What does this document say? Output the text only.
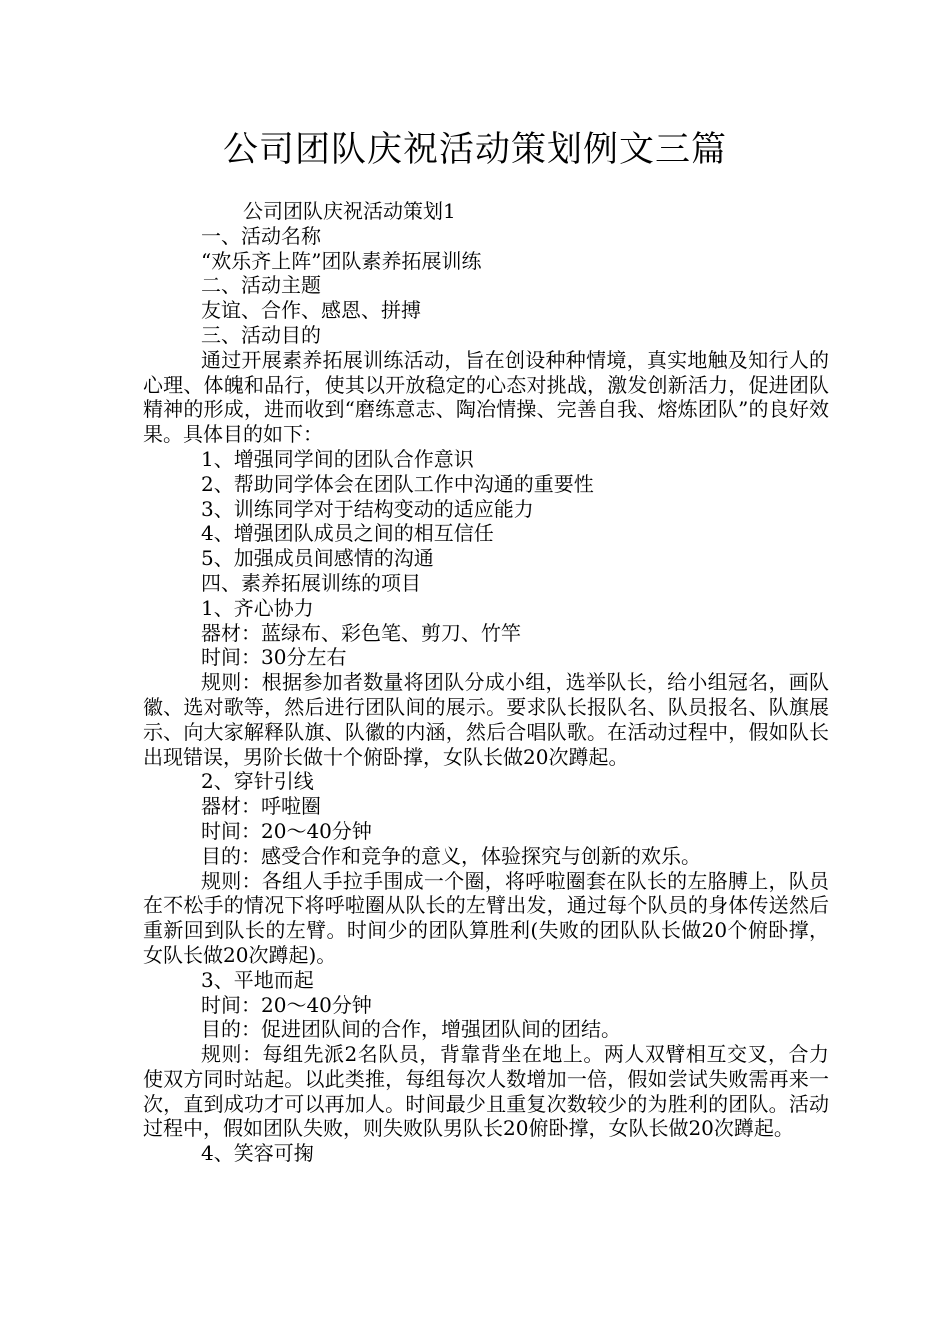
公司团队庆祝活动策划例文三篇

公司团队庆祝活动策划1

一、活动名称

“欢乐齐上阵”团队素养拓展训练

二、活动主题

友谊、合作、感恩、拼搏

三、活动目的

通过开展素养拓展训练活动，旨在创设种种情境，真实地触及知行人的心理、体魄和品行，使其以开放稳定的心态对挑战，激发创新活力，促进团队精神的形成，进而收到“磨练意志、陶冶情操、完善自我、熔炼团队”的良好效果。具体目的如下：

1、增强同学间的团队合作意识

2、帮助同学体会在团队工作中沟通的重要性

3、训练同学对于结构变动的适应能力

4、增强团队成员之间的相互信任

5、加强成员间感情的沟通

四、素养拓展训练的项目

1、齐心协力

器材：蓝绿布、彩色笔、剪刀、竹竿

时间：30分左右

规则：根据参加者数量将团队分成小组，选举队长，给小组冠名，画队徽、选对歌等，然后进行团队间的展示。要求队长报队名、队员报名、队旗展示、向大家解释队旗、队徽的内涵，然后合唱队歌。在活动过程中，假如队长出现错误，男阶长做十个俯卧撑，女队长做20次蹲起。

2、穿针引线

器材：呼啦圈

时间：20～40分钟

目的：感受合作和竞争的意义，体验探究与创新的欢乐。

规则：各组人手拉手围成一个圈，将呼啦圈套在队长的左胳膊上，队员在不松手的情况下将呼啦圈从队长的左臂出发，通过每个队员的身体传送然后重新回到队长的左臂。时间少的团队算胜利(失败的团队队长做20个俯卧撑，女队长做20次蹲起)。

3、平地而起

时间：20～40分钟

目的：促进团队间的合作，增强团队间的团结。

规则：每组先派2名队员，背靠背坐在地上。两人双臂相互交叉，合力使双方同时站起。以此类推，每组每次人数增加一倍，假如尝试失败需再来一次，直到成功才可以再加人。时间最少且重复次数较少的为胜利的团队。活动过程中，假如团队失败，则失败队男队长20俯卧撑，女队长做20次蹲起。

4、笑容可掬
